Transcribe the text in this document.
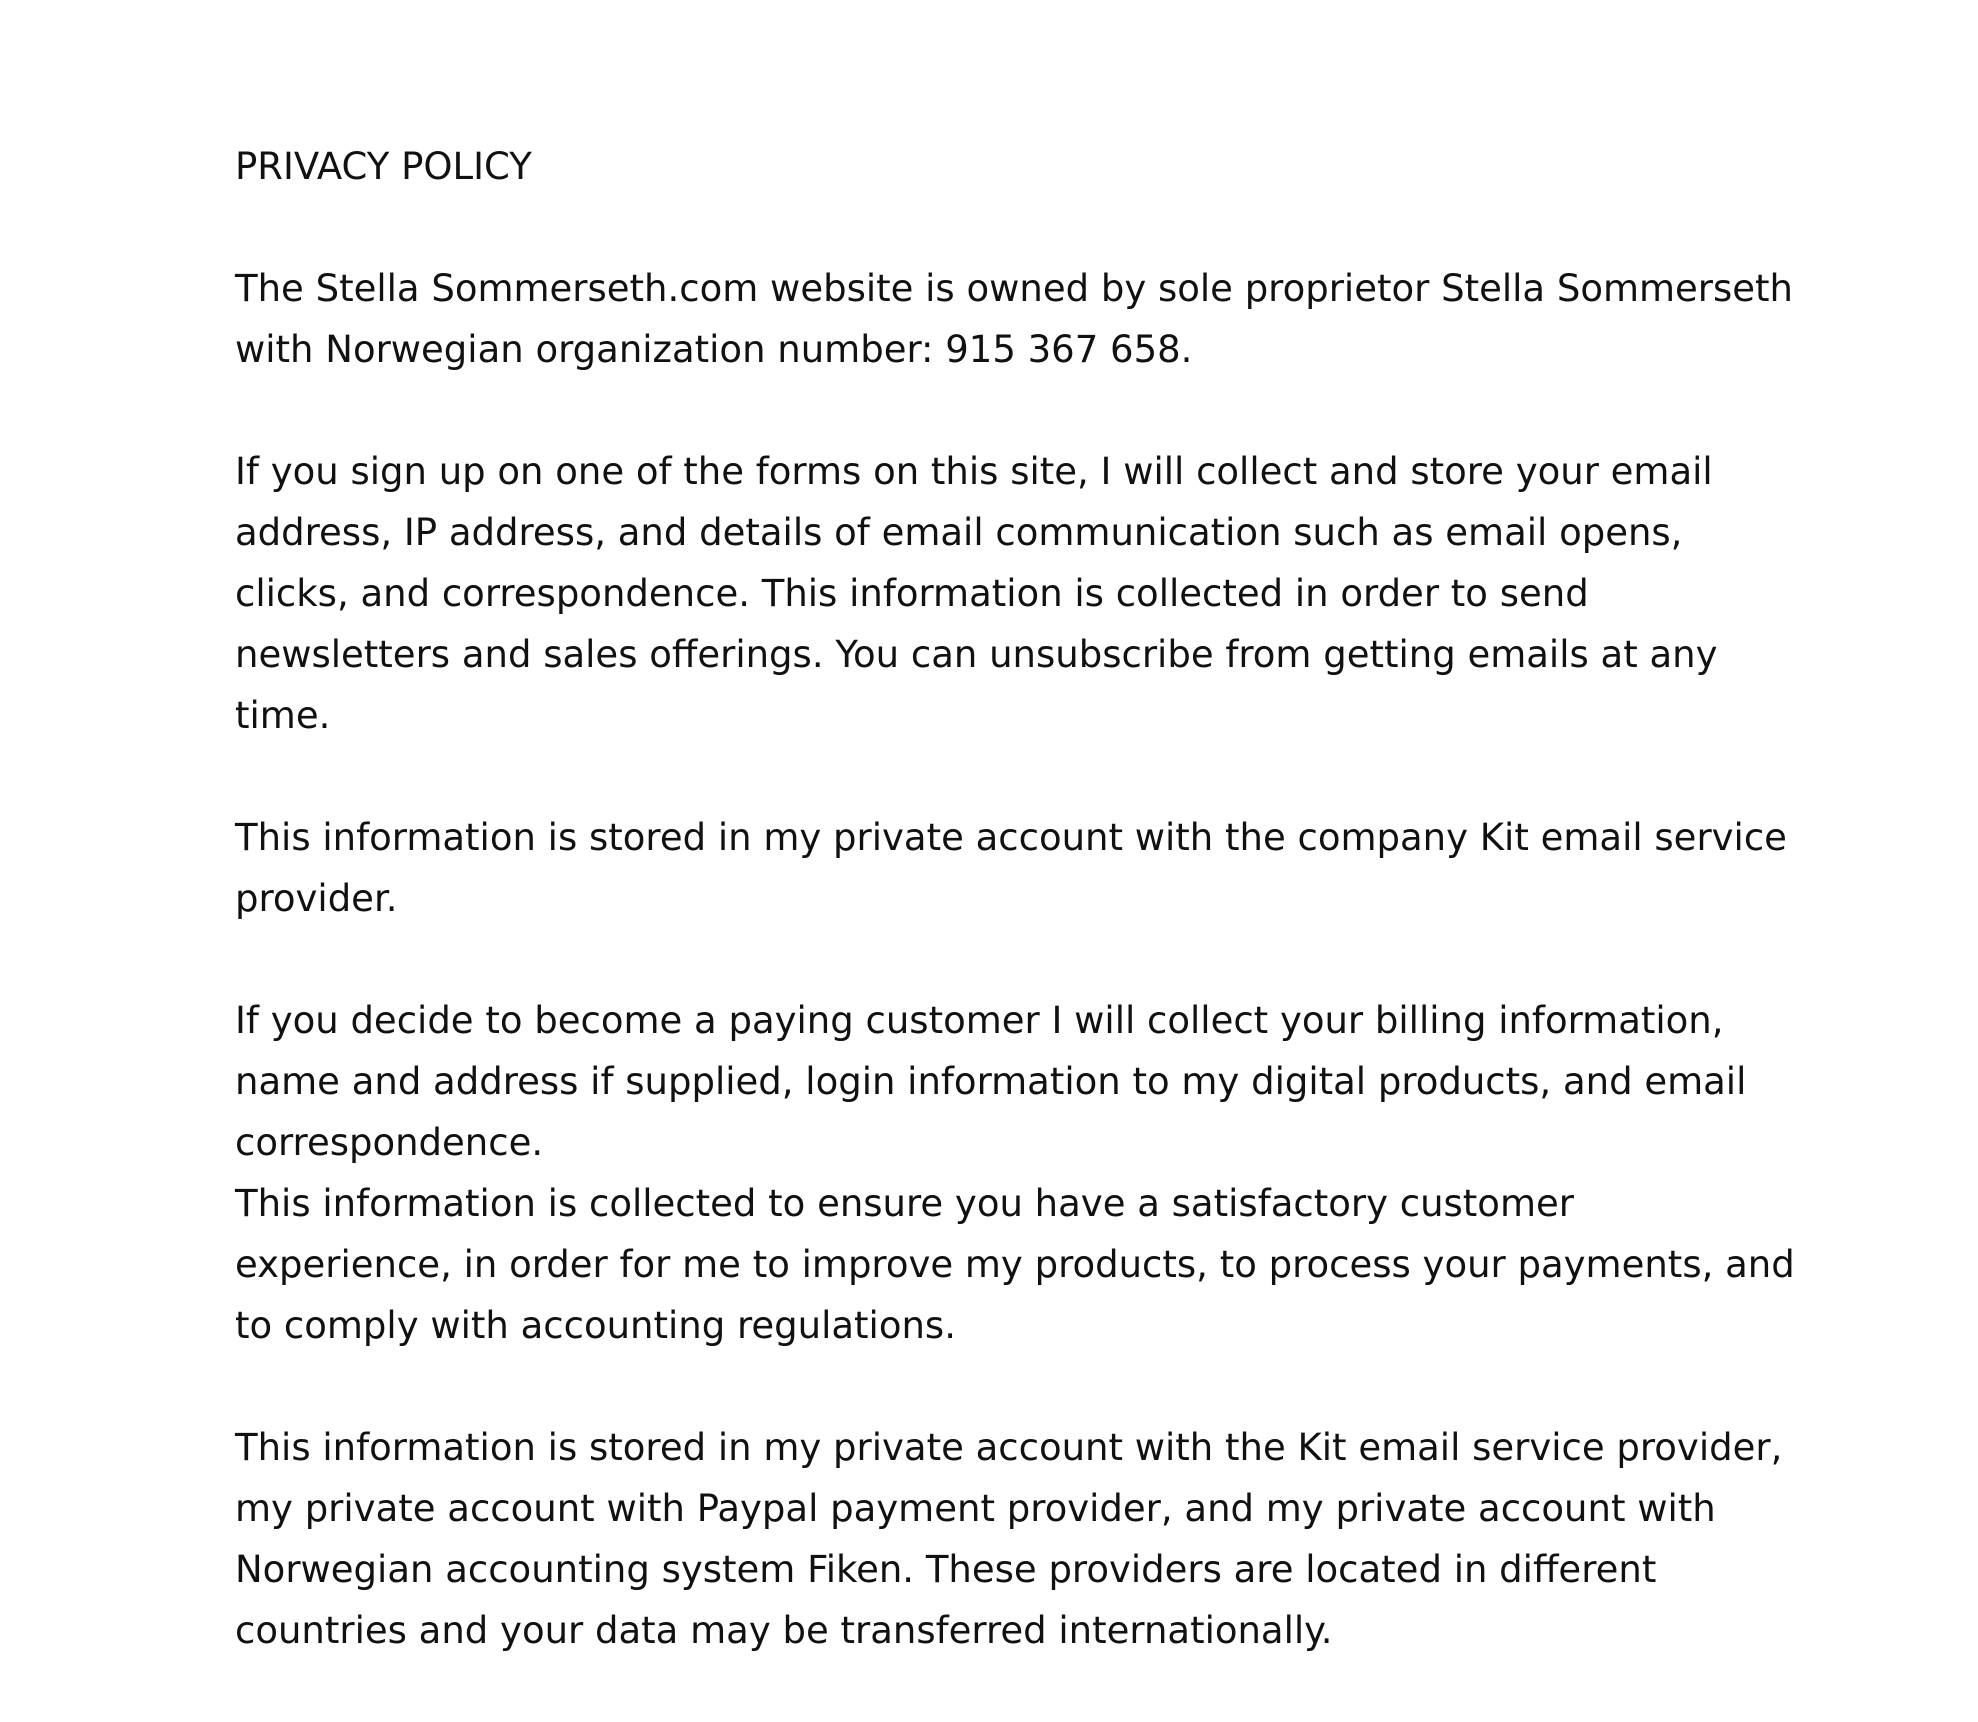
PRIVACY POLICY

The Stella Sommerseth.com website is owned by sole proprietor Stella Sommerseth with Norwegian organization number: 915 367 658.

If you sign up on one of the forms on this site, I will collect and store your email address, IP address, and details of email communication such as email opens, clicks, and correspondence. This information is collected in order to send newsletters and sales offerings. You can unsubscribe from getting emails at any time.

This information is stored in my private account with the company Kit email service provider.

If you decide to become a paying customer I will collect your billing information, name and address if supplied, login information to my digital products, and email correspondence.

This information is collected to ensure you have a satisfactory customer experience, in order for me to improve my products, to process your payments, and to comply with accounting regulations.

This information is stored in my private account with the Kit email service provider, my private account with Paypal payment provider, and my private account with Norwegian accounting system Fiken. These providers are located in different countries and your data may be transferred internationally.
